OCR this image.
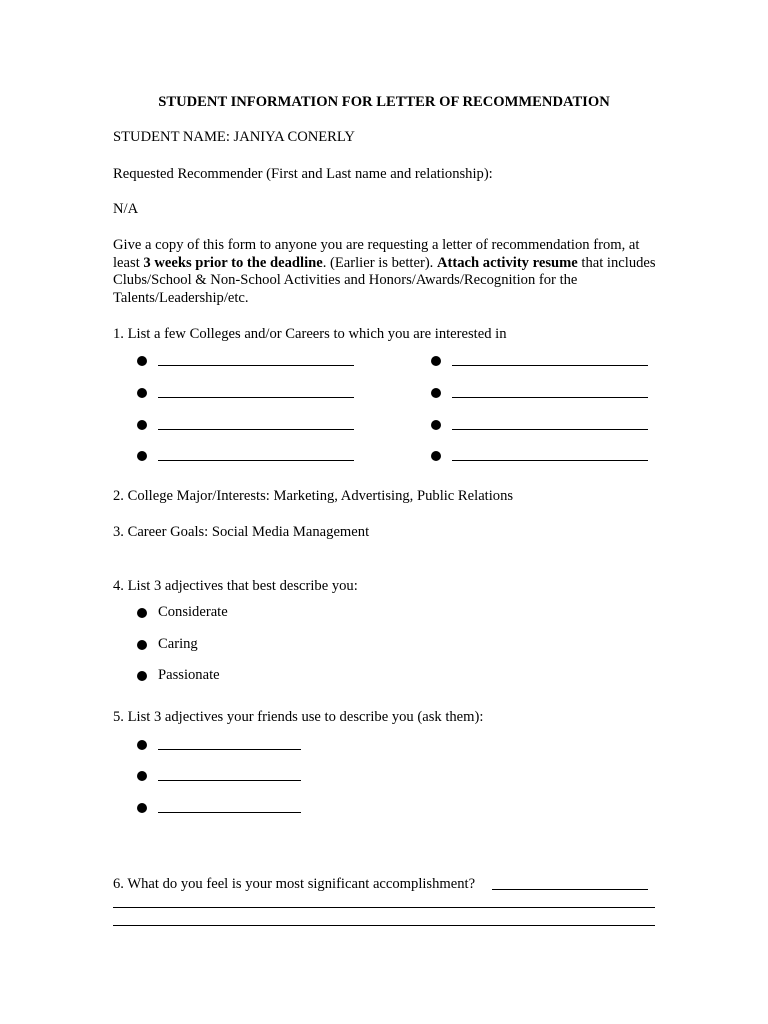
STUDENT INFORMATION FOR LETTER OF RECOMMENDATION
STUDENT NAME: JANIYA CONERLY
Requested Recommender (First and Last name and relationship):
N/A
Give a copy of this form to anyone you are requesting a letter of recommendation from, at least 3 weeks prior to the deadline. (Earlier is better). Attach activity resume that includes Clubs/School & Non-School Activities and Honors/Awards/Recognition for the Talents/Leadership/etc.
1. List a few Colleges and/or Careers to which you are interested in
2. College Major/Interests: Marketing, Advertising, Public Relations
3. Career Goals: Social Media Management
4. List 3 adjectives that best describe you:
Considerate
Caring
Passionate
5. List 3 adjectives your friends use to describe you (ask them):
6. What do you feel is your most significant accomplishment?
